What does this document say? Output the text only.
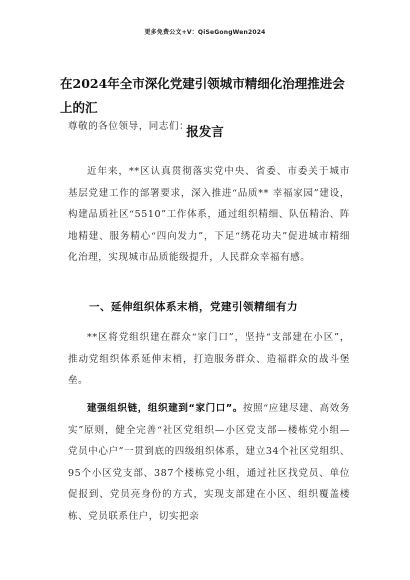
更多免费公文+V：QiSeGongWen2024
在2024年全市深化党建引领城市精细化治理推进会上的汇
报发言
尊敬的各位领导，同志们：
近年来，**区认真贯彻落实党中央、省委、市委关于城市基层党建工作的部署要求，深入推进“品质** 幸福家园”建设，构建品质社区“5510”工作体系，通过组织精细、队伍精治、阵地精建、服务精心“四向发力”，下足“绣花功夫”促进城市精细化治理，实现城市品质能级提升，人民群众幸福有感。
一、延伸组织体系末梢，党建引领精细有力
**区将党组织建在群众“家门口”，坚持“支部建在小区”，推动党组织体系延伸末梢，打造服务群众、造福群众的战斗堡垒。
建强组织链，组织建到“家门口”。按照“应建尽建、高效务实”原则，健全完善“社区党组织—小区党支部—楼栋党小组—党员中心户”一贯到底的四级组织体系，建立34个社区党组织、95个小区党支部、387个楼栋党小组，通过社区找党员、单位促报到、党员亮身份的方式，实现支部建在小区、组织覆盖楼栋、党员联系住户，切实把亲
